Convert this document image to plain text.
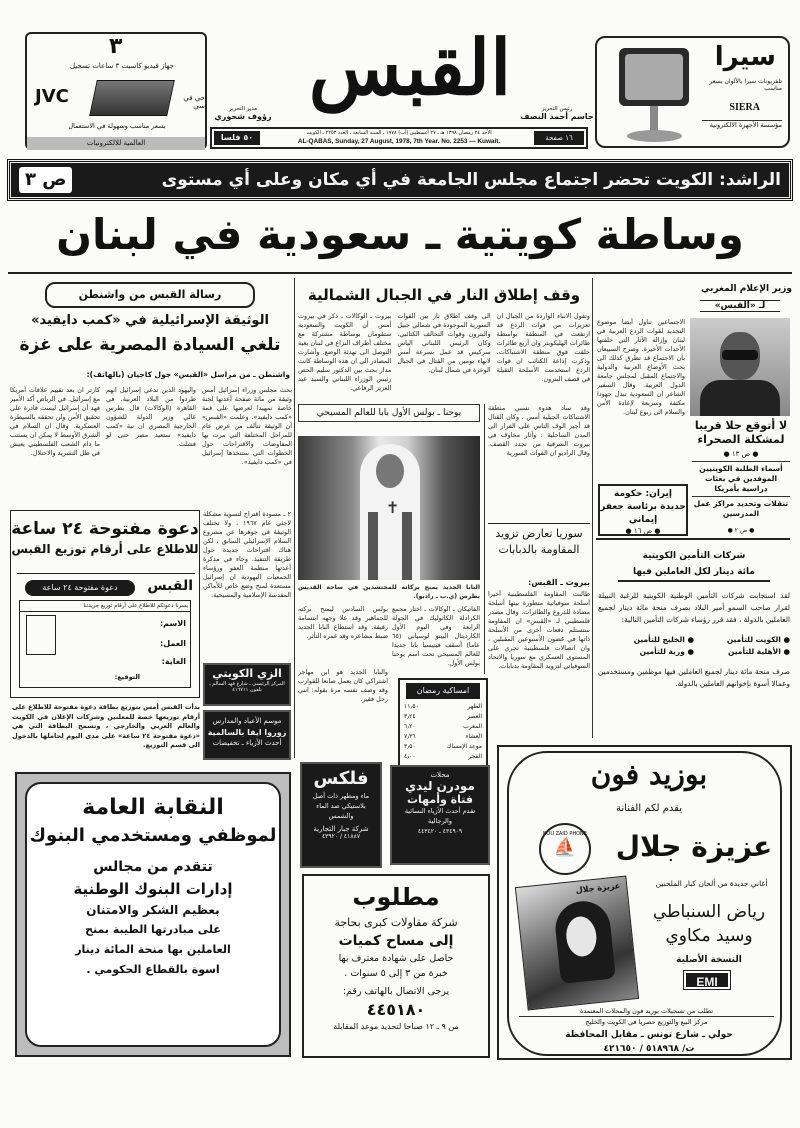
٣
جهاز فيديو كاسيت ٣ ساعات تسجيل
JVC	حي في سي
بسعر مناسب وسهولة في الاستعمال
العالمية للالكترونيات
القبس
مدير التحرير
رؤوف شحوري
رئيس التحرير
جاسم أحمد النصف
١٦ صفحة
٥٠ فلسا	الأحد ٢٤ رمضان ١٣٩٨ هـ ـ ٢٧ أغسطس (آب) ١٩٧٨ ـ السنة السابعة ـ العدد ٢٢٥٣ ـ الكويت
AL-QABAS, Sunday, 27 August, 1978, 7th Year. No. 2253 — Kuwait.
سيرا
تلفزيونات سيرا بالألوان بسعر مناسب
SIERA
مؤسسة الأجهزة الالكترونية
الراشد: الكويت تحضر اجتماع مجلس الجامعة في أي مكان وعلى أي مستوى
ص ٣
وساطة كويتية ـ سعودية في لبنان
رسالة القبس من واشنطن
الوثيقة الإسرائيلية في «كمب دايفيد»
تلغي السيادة المصرية على غزة
واشنطن ـ من مراسل «القبس» جول كاجيان (بالهاتف):
بحث مجلس وزراء إسرائيل أمس وثيقة من مائة صفحة أعدتها لجنة خاصة تمهيدا لعرضها على قمة «كمب دايفيد». وعلمت «القبس» أن الوثيقة تتألف من عرض عام للمراحل المختلفة التي مرت بها المفاوضات والاقتراحات حول الخطوات التي ستتخذها إسرائيل في «كمب دايفيد».
واليهود الذين تدعي إسرائيل انهم طردوا من البلاد العربية. في القاهرة (الوكالات) قال بطرس غالي وزير الدولة للشؤون الخارجية المصري ان نية «كمب دايفيد» ستعيد مصر حتى لو فشلت.
كارتر ان بعد تقييم علاقات أمريكا مع إسرائيل. في الرياض أكد الأمير فهد أن إسرائيل ليست قادرة على تحقيق الأمن ولن تحققه بالسيطرة العسكرية. وقال ان السلام في الشرق الأوسط لا يمكن ان يستتب ما دام الشعب الفلسطيني يعيش في ظل التشريد والاحتلال.
٢ ـ مسودة اقتراح لتسوية مشكلة لاجئي عام ١٩٦٧ ، ولا تختلف الوثيقة في جوهرها عن مشروع السلام الإسرائيلي السابق ، لكن هناك اقتراحات جديدة حول طريقة التنفيذ. وجاء في مذكرة أعدتها منظمة العفو ورؤساء الجمعيات اليهودية ان إسرائيل مستعدة لمنح وضع خاص للأماكن المقدسة الإسلامية والمسيحية.
دعوة مفتوحة ٢٤ ساعة
للاطلاع على أرقام توزيع القبس
القبس
دعوة مفتوحة ٢٤ ساعة
يسرنا دعوتكم للاطلاع على أرقام توزيع جريدتنا
الاسم:
العمل:
الغاية:
التوقيع:
بدأت القبس أمس بتوزيع بطاقة دعوة مفتوحة للاطلاع على أرقام توزيعها خصة للمعلنين وشركات الإعلان في الكويت والعالم العربي والخارجي ، وتسمح البطاقة التي هي «دعوة مفتوحة ٢٤ ساعة» على مدى اليوم لحاملها بالدخول الى قسم التوزيع.
الزي الكويتي
المركز الرئيسي ـ شارع فهد السالم ـ تلفون ٤١٦٧١١
موسم الأعياد والمدارس
زوروا ايفا بالسالمية
أحدث الأزياء ـ تخفيضات
وقف إطلاق النار في الجبال الشمالية
وتقول الانباء الواردة من الجبال ان تعزيزات من قوات الردع قد ارتفعت في المنطقة بواسطة طائرات الهليكوبتر وان أربع طائرات حلقت فوق منطقة الاشتباكات. وذكرت إذاعة الكتائب ان قوات الردع استخدمت الأسلحة الثقيلة في قصف البترون.
الى وقف اطلاق نار بين القوات السورية الموجودة في شمالي جبيل والبترون وقوات التحالف الكتائبي. وكان الرئيس اللبناني الياس سركيس قد عمل بسرعة أمس لانهاء يومين من القتال في الجبال الوعرة في شمال لبنان.
بيروت ـ الوكالات ـ ذكر في بيروت أمس أن الكويت والسعودية ستقومان بوساطة مشتركة مع مختلف أطراف النزاع في لبنان بغية التوصل الى تهدئة الوضع. وأشارت المصادر الى ان هذه الوساطة كانت مدار بحث بين الدكتور سليم الحص رئيس الوزراء اللبناني والسيد عبد العزيز الرفاعي.
يوحنا ـ بولس الأول بابا للعالم المسيحي
✝
البابا الجديد يمنح بركاته للمحتشدين في ساحة القديس بطرس (ي.ب ـ رادبو).
الفاتيكان ـ الوكالات ـ اختار مجمع الكرادلة الكاثوليك في الجولة الرابعة وفي اليوم الأول الكاردينال البينو لوسياني (٦٥ عاما) أسقف فينيسيا بابا جديدا للعالم المسيحي تحت اسم يوحنا بولس الأول.
بولس السادس ليمنح بركته للجماهير وقد علا وجهه ابتسامة رقيقة. وقد استطاع البابا الجديد ضبط مشاعره وقد غمره التأثر.
والبابا الجديد هو ابن مهاجر اشتراكي كان يعمل صانعا للقوارب وقد وصف نفسه مرة بقوله: انني رجل فقير.
امساكية رمضان
الظهر
١١٫٥٠
العصر
٣٫٢٤
المغرب
٦٫٢٠
العشاء
٧٫٣٦
موعد الإمساك
٣٫٥٠
الفجر
٤٫٠٠
وقد ساد هدوء نسبي منطقة الاشتباكات الجبلية أمس ، وكان القتال قد أجبر الوف الناس على الفرار الى المدن الساحلية ، وأثار مخاوف في بيروت الشرقية من تجدد القصف. وقال الراديو ان القوات السورية
سوريا تعارض تزويد المقاومة بالدبابات
بيروت ـ القبس:
طالبت المقاومة الفلسطينية أخيرا أسلحة سوفياتية متطورة بينها أسلحة مضادة للدروع والطائرات. وقال مصدر فلسطيني لـ «القبس» ان المقاومة ستستلم دفعات أخرى من الأسلحة ذاتها في غضون الأسبوعين المقبلين ، وان اتصالات فلسطينية تجري على المستوى العسكري مع سوريا والاتحاد السوفياتي لتزويد المقاومة بدبابات.
وزير الإعلام المغربي
لـ «القبس»
الاجتماعين تناول أيضا موضوع التجديد لقوات الردع العربية في لبنان وإزالة الآثار التي خلفتها الأحداث الأخيرة. وصرح السبيعان بأن الاجتماع قد تطرق كذلك الى بحث الأوضاع العربية والدولية والاجتماع المقبل لمجلس جامعة الدول العربية. وقال السفير الشاعر ان السعودية تبذل جهودا مكثفة وسريعة لإعادة الأمن والسلام الى ربوع لبنان.
لا أتوقع حلا قريبا لمشكلة الصحراء
● ص ١٣ ●
أسماء الطلبة الكويتيين الموفدين في بعثات دراسية بأمريكا
تنقلات وتحديد مراكز عمل المدرسين
● ص ٢ ●
إيران: حكومة جديدة برئاسة جعفر إيماني
● ص ١٦ ●
شركات التأمين الكويتية
مائة دينار لكل العاملين فيها
لقد استجابت شركات التأمين الوطنية الكويتية للرغبة النبيلة لقرار صاحب السمو أمير البلاد بصرف منحة مائة دينار لجميع العاملين بالدولة ، فقد قرر رؤساء شركات التأمين التالية:
● الكويت للتأمين
● الخليج للتأمين
● الأهلية للتأمين
● وربة للتأمين
صرف منحة مائة دينار لجميع العاملين فيها موظفين ومستخدمين وعمالا أسوة بإخوانهم العاملين بالدولة.
النقابة العامة
لموظفي ومستخدمي البنوك
تتقدم من مجالس
إدارات البنوك الوطنية
بعظيم الشكر والامتنان
على مبادرتها الطيبة بمنح
العاملين بها منحة المائة دينار
اسوة بالقطاع الحكومي .
فلكس
ماء ومطهر ذات أصل بلاستيكي ضد الماء والشمس
شركة جبار التجارية
٤١٨٨٧ / ٤٣٩٢٠
محلات
مودرن ليدي
فتاة وأمهات
تقدم أحدث الأزياء النسائية والرجالية
٤٣٤٩٠٩ ـ ٤٤٣٤٢٠
مطلوب
شركة مقاولات كبرى بحاجة
إلى مساح كميات
حاصل على شهادة معترف بها
خبرة من ٣ إلى ٥ سنوات .
يرجى الاتصال بالهاتف رقم:
٤٤٥١٨٠
من ٩ ـ ١٢ صباحا لتحديد موعد المقابلة
بوزيد فون
يقدم لكم الفنانة
عزيزة جلال
BOU ZAID PHONE
⛵
أغاني جديدة من ألحان كبار الملحنين
رياض السنباطي
وسيد مكاوي
عزيزة جلال
النسخة الأصلية
EMI
تطلب من تسجيلات بوزيد فون والمحلات المعتمدة
مركز البيع والتوزيع حصريا في الكويت والخليج
حولي ـ شارع تونس ـ مقابل المحافظة
ت/ ٥١٨٩٦٨ / ٤٢١٦٥٠
